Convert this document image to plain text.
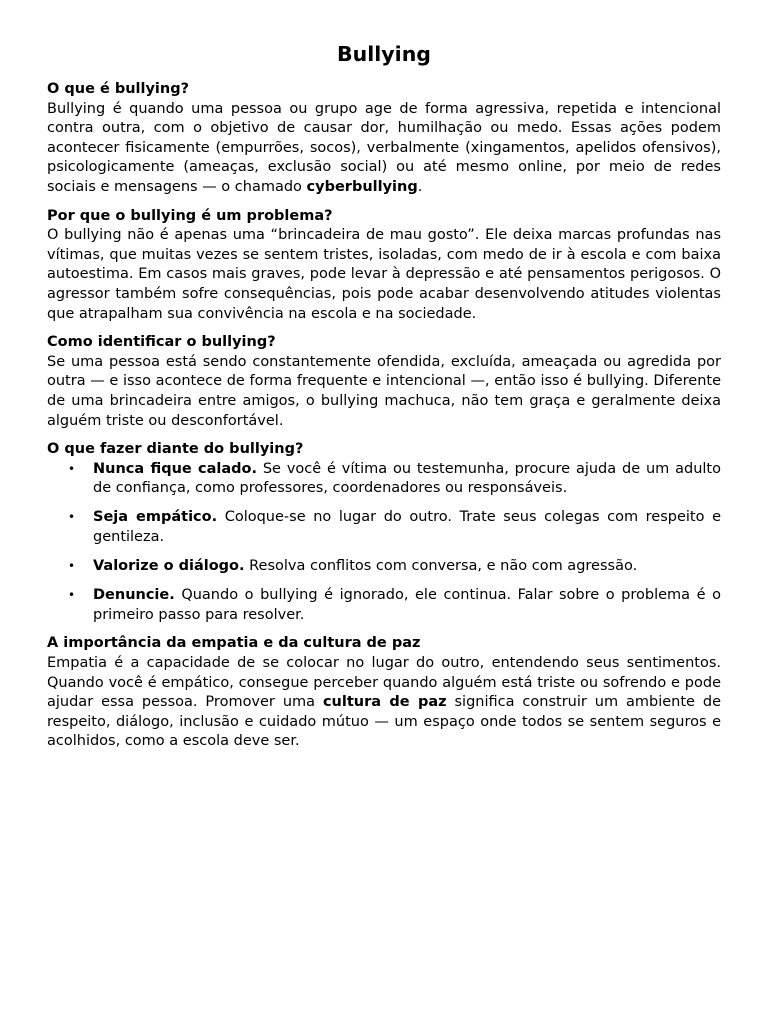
Bullying
O que é bullying?

Bullying é quando uma pessoa ou grupo age de forma agressiva, repetida e intencional contra outra, com o objetivo de causar dor, humilhação ou medo. Essas ações podem acontecer fisicamente (empurrões, socos), verbalmente (xingamentos, apelidos ofensivos), psicologicamente (ameaças, exclusão social) ou até mesmo online, por meio de redes sociais e mensagens — o chamado cyberbullying.

Por que o bullying é um problema?

O bullying não é apenas uma “brincadeira de mau gosto”. Ele deixa marcas profundas nas vítimas, que muitas vezes se sentem tristes, isoladas, com medo de ir à escola e com baixa autoestima. Em casos mais graves, pode levar à depressão e até pensamentos perigosos. O agressor também sofre consequências, pois pode acabar desenvolvendo atitudes violentas que atrapalham sua convivência na escola e na sociedade.

Como identificar o bullying?

Se uma pessoa está sendo constantemente ofendida, excluída, ameaçada ou agredida por outra — e isso acontece de forma frequente e intencional —, então isso é bullying. Diferente de uma brincadeira entre amigos, o bullying machuca, não tem graça e geralmente deixa alguém triste ou desconfortável.

O que fazer diante do bullying?
• Nunca fique calado. Se você é vítima ou testemunha, procure ajuda de um adulto de confiança, como professores, coordenadores ou responsáveis.
• Seja empático. Coloque-se no lugar do outro. Trate seus colegas com respeito e gentileza.
• Valorize o diálogo. Resolva conflitos com conversa, e não com agressão.
• Denuncie. Quando o bullying é ignorado, ele continua. Falar sobre o problema é o primeiro passo para resolver.
A importância da empatia e da cultura de paz

Empatia é a capacidade de se colocar no lugar do outro, entendendo seus sentimentos. Quando você é empático, consegue perceber quando alguém está triste ou sofrendo e pode ajudar essa pessoa. Promover uma cultura de paz significa construir um ambiente de respeito, diálogo, inclusão e cuidado mútuo — um espaço onde todos se sentem seguros e acolhidos, como a escola deve ser.
